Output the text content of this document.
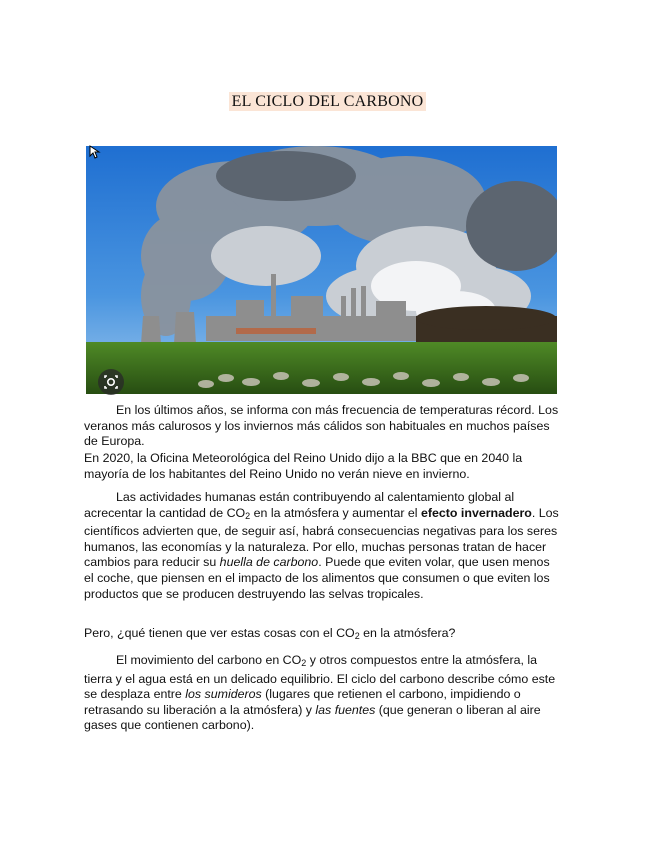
EL CICLO DEL CARBONO

En los últimos años, se informa con más frecuencia de temperaturas récord. Los veranos más calurosos y los inviernos más cálidos son habituales en muchos países de Europa.

En 2020, la Oficina Meteorológica del Reino Unido dijo a la BBC que en 2040 la mayoría de los habitantes del Reino Unido no verán nieve en invierno.

Las actividades humanas están contribuyendo al calentamiento global al acrecentar la cantidad de $CO_2$ en la atmósfera y aumentar el efecto invernadero. Los científicos advierten que, de seguir así, habrá consecuencias negativas para los seres humanos, las economías y la naturaleza. Por ello, muchas personas tratan de hacer cambios para reducir su huella de carbono. Puede que eviten volar, que usen menos el coche, que piensen en el impacto de los alimentos que consumen o que eviten los productos que se producen destruyendo las selvas tropicales.

Pero, ¿qué tienen que ver estas cosas con el $CO_2$ en la atmósfera?

El movimiento del carbono en $CO_2$ y otros compuestos entre la atmósfera, la tierra y el agua está en un delicado equilibrio. El ciclo del carbono describe cómo este se desplaza entre los sumideros (lugares que retienen el carbono, impidiendo o retrasando su liberación a la atmósfera) y las fuentes (que generan o liberan al aire gases que contienen carbono).
